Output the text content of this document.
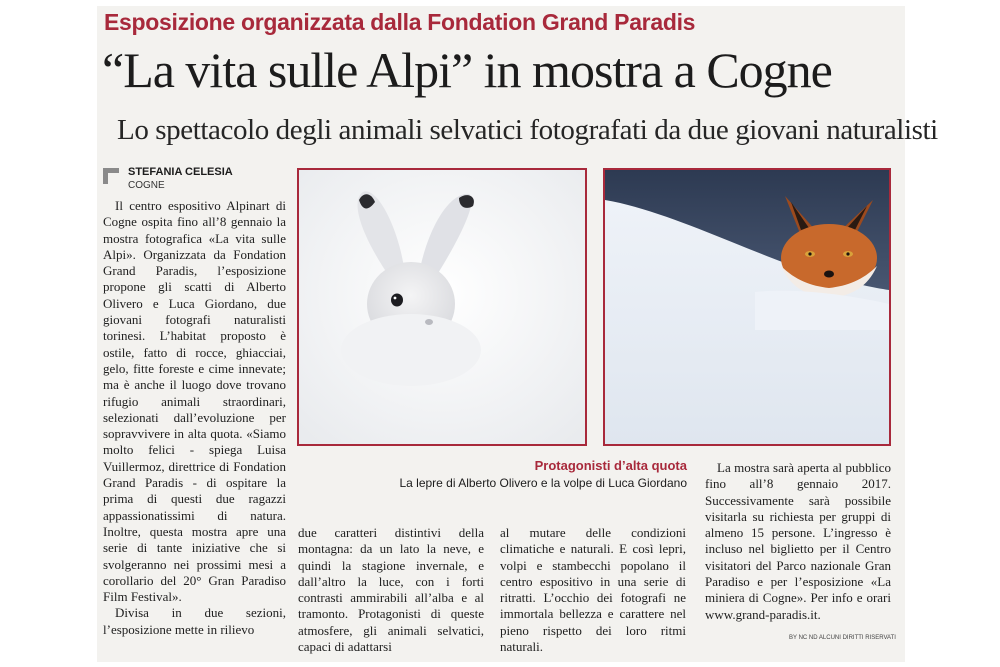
Esposizione organizzata dalla Fondation Grand Paradis
“La vita sulle Alpi” in mostra a Cogne
Lo spettacolo degli animali selvatici fotografati da due giovani naturalisti
STEFANIA CELESIA
COGNE
Il centro espositivo Alpinart di Cogne ospita fino all’8 gennaio la mostra fotografica «La vita sulle Alpi». Organizzata da Fondation Grand Paradis, l’esposizione propone gli scatti di Alberto Olivero e Luca Giordano, due giovani fotografi naturalisti torinesi. L’habitat proposto è ostile, fatto di rocce, ghiacciai, gelo, fitte foreste e cime innevate; ma è anche il luogo dove trovano rifugio animali straordinari, selezionati dall’evoluzione per sopravvivere in alta quota. «Siamo molto felici - spiega Luisa Vuillermoz, direttrice di Fondation Grand Paradis - di ospitare la prima di questi due ragazzi appassionatissimi di natura. Inoltre, questa mostra apre una serie di tante iniziative che si svolgeranno nei prossimi mesi a corollario del 20° Gran Paradiso Film Festival».
Divisa in due sezioni, l’esposizione mette in rilievo
Protagonisti d’alta quota
La lepre di Alberto Olivero e la volpe di Luca Giordano
due caratteri distintivi della montagna: da un lato la neve, e quindi la stagione invernale, e dall’altro la luce, con i forti contrasti ammirabili all’alba e al tramonto. Protagonisti di queste atmosfere, gli animali selvatici, capaci di adattarsi
al mutare delle condizioni climatiche e naturali. E così lepri, volpi e stambecchi popolano il centro espositivo in una serie di ritratti. L’occhio dei fotografi ne immortala bellezza e carattere nel pieno rispetto dei loro ritmi naturali.
La mostra sarà aperta al pubblico fino all’8 gennaio 2017. Successivamente sarà possibile visitarla su richiesta per gruppi di almeno 15 persone. L’ingresso è incluso nel biglietto per il Centro visitatori del Parco nazionale Gran Paradiso e per l’esposizione «La miniera di Cogne». Per info e orari www.grand-paradis.it.
BY NC ND ALCUNI DIRITTI RISERVATI
